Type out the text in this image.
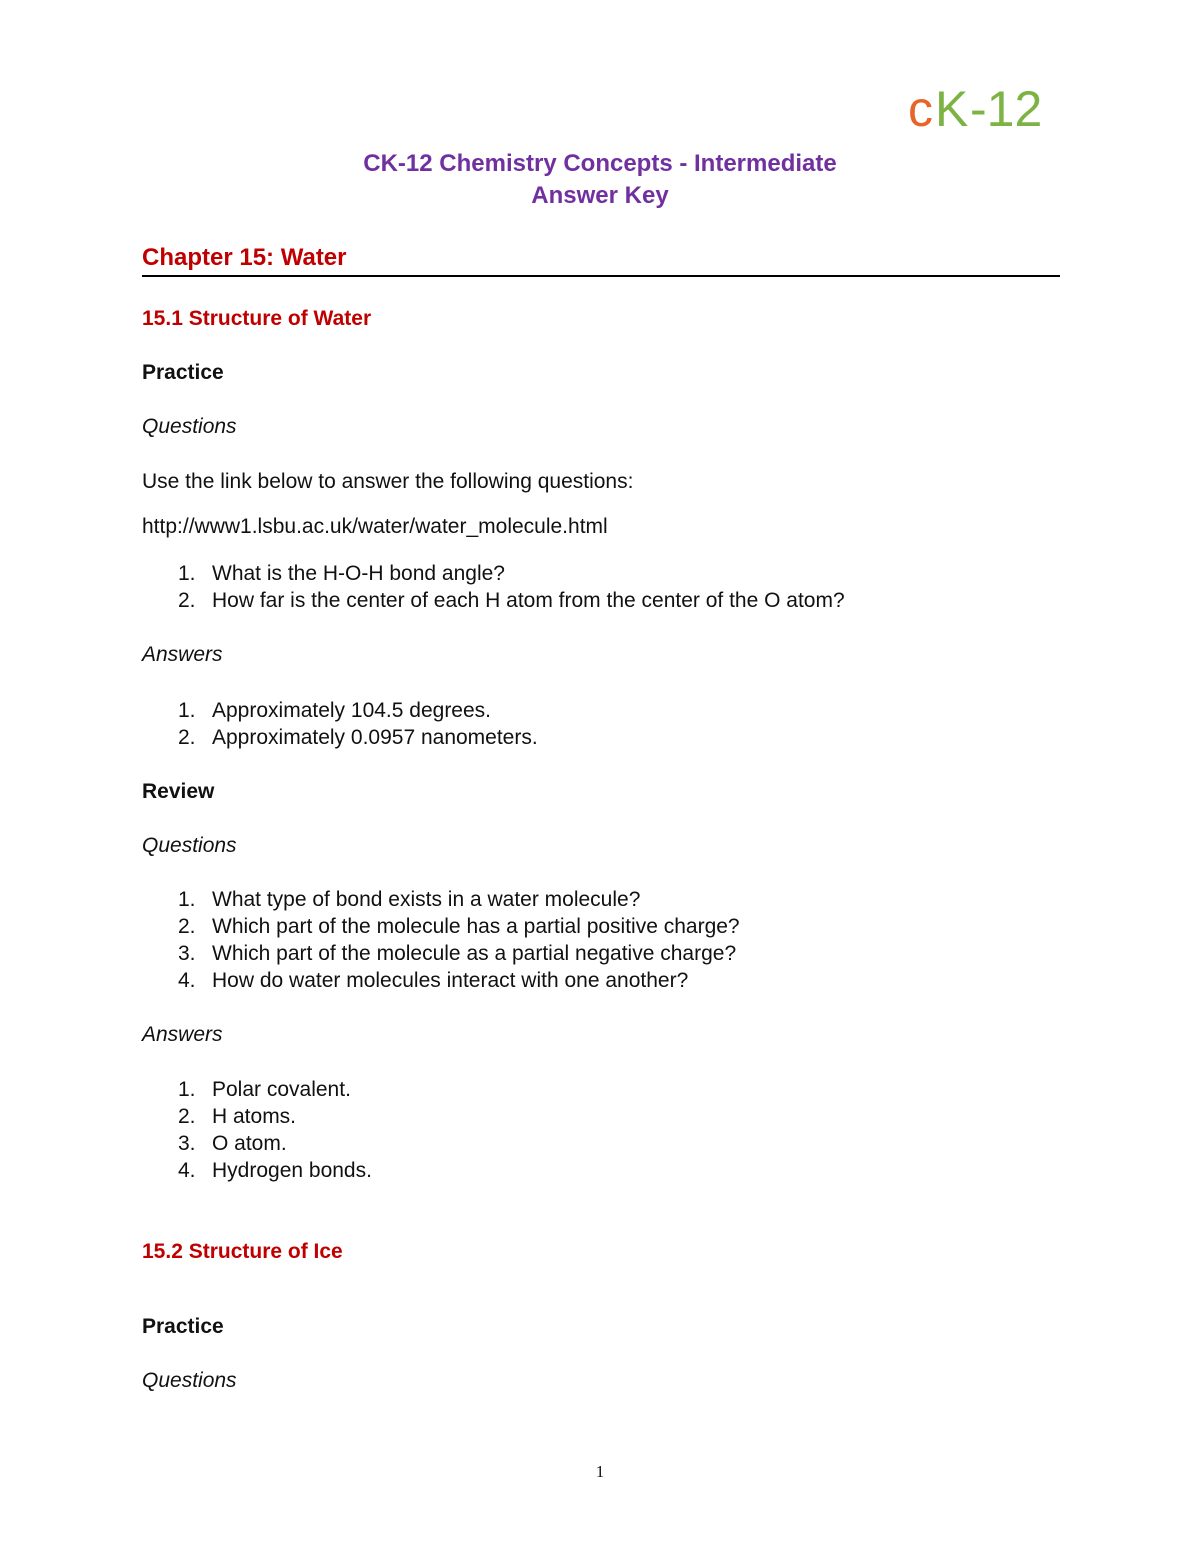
c K -12
CK-12 Chemistry Concepts - Intermediate
Answer Key
Chapter 15: Water
15.1 Structure of Water
Practice
Questions
Use the link below to answer the following questions:
http://www1.lsbu.ac.uk/water/water_molecule.html
1. What is the H-O-H bond angle?
2. How far is the center of each H atom from the center of the O atom?
Answers
1. Approximately 104.5 degrees.
2. Approximately 0.0957 nanometers.
Review
Questions
1. What type of bond exists in a water molecule?
2. Which part of the molecule has a partial positive charge?
3. Which part of the molecule as a partial negative charge?
4. How do water molecules interact with one another?
Answers
1. Polar covalent.
2. H atoms.
3. O atom.
4. Hydrogen bonds.
15.2 Structure of Ice
Practice
Questions
1
